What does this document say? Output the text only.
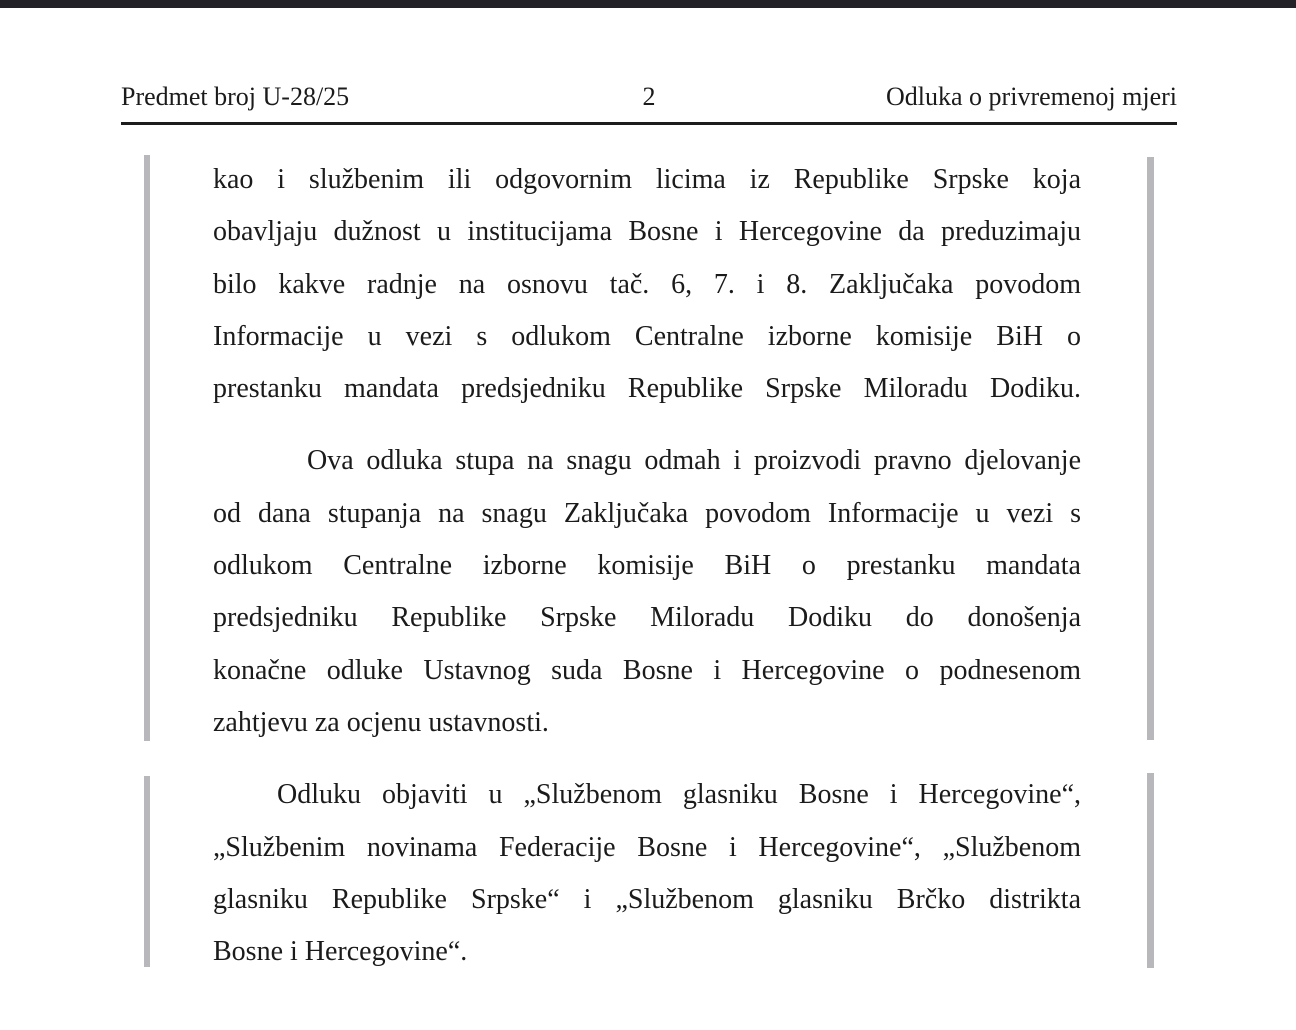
Predmet broj U-28/25	2	Odluka o privremenoj mjeri
kao i službenim ili odgovornim licima iz Republike Srpske koja
obavljaju dužnost u institucijama Bosne i Hercegovine da preduzimaju
bilo kakve radnje na osnovu tač. 6, 7. i 8. Zaključaka povodom
Informacije u vezi s odlukom Centralne izborne komisije BiH o
prestanku mandata predsjedniku Republike Srpske Miloradu Dodiku.
Ova odluka stupa na snagu odmah i proizvodi pravno djelovanje
od dana stupanja na snagu Zaključaka povodom Informacije u vezi s
odlukom Centralne izborne komisije BiH o prestanku mandata
predsjedniku Republike Srpske Miloradu Dodiku do donošenja
konačne odluke Ustavnog suda Bosne i Hercegovine o podnesenom
zahtjevu za ocjenu ustavnosti.
Odluku objaviti u „Službenom glasniku Bosne i Hercegovine“,
„Službenim novinama Federacije Bosne i Hercegovine“, „Službenom
glasniku Republike Srpske“ i „Službenom glasniku Brčko distrikta
Bosne i Hercegovine“.
